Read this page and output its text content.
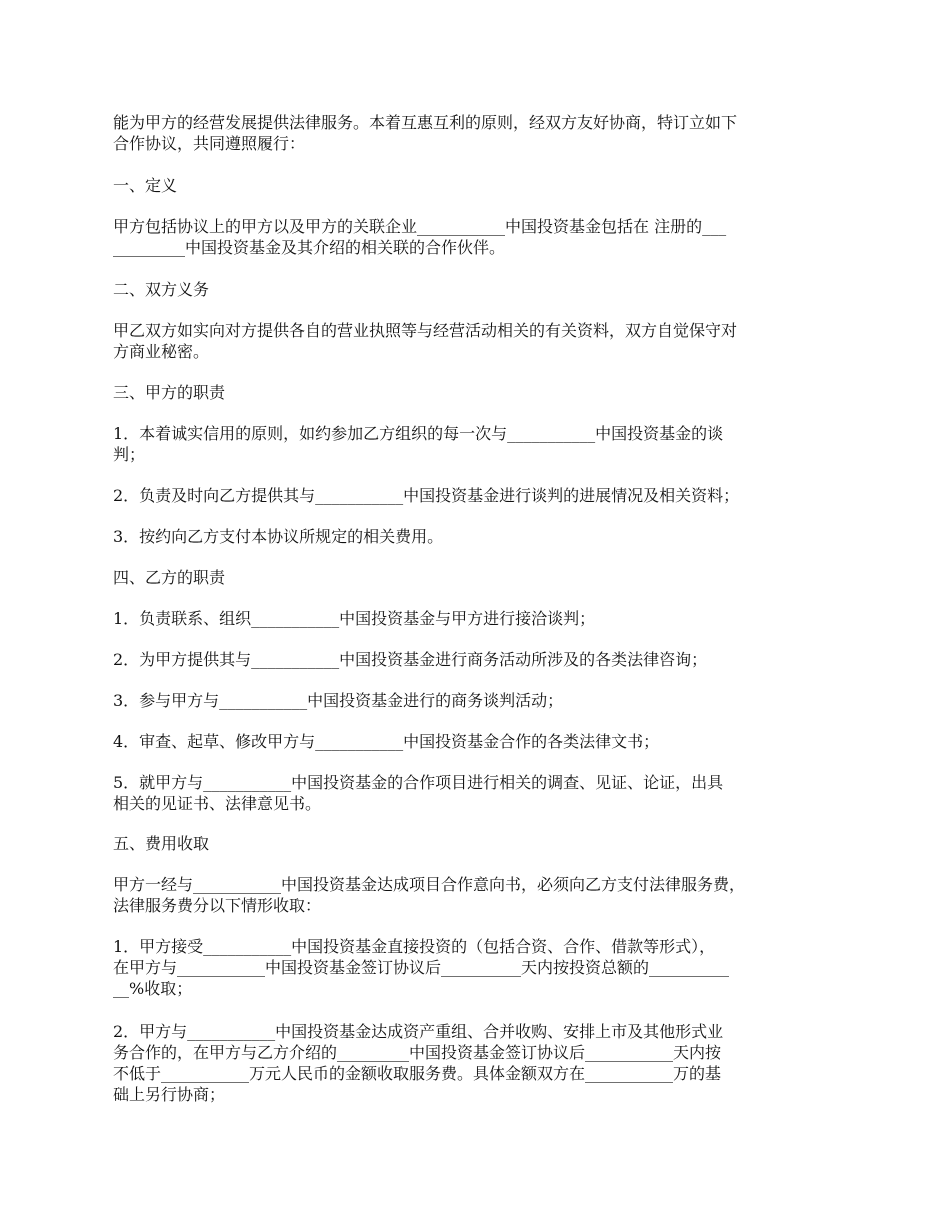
能为甲方的经营发展提供法律服务。本着互惠互利的原则，经双方友好协商，特订立如下
合作协议，共同遵照履行：

一、定义

甲方包括协议上的甲方以及甲方的关联企业___________中国投资基金包括在 注册的___
_________中国投资基金及其介绍的相关联的合作伙伴。

二、双方义务

甲乙双方如实向对方提供各自的营业执照等与经营活动相关的有关资料，双方自觉保守对
方商业秘密。

三、甲方的职责

1．本着诚实信用的原则，如约参加乙方组织的每一次与___________中国投资基金的谈
判；

2．负责及时向乙方提供其与___________中国投资基金进行谈判的进展情况及相关资料；

3．按约向乙方支付本协议所规定的相关费用。

四、乙方的职责

1．负责联系、组织___________中国投资基金与甲方进行接洽谈判；

2．为甲方提供其与___________中国投资基金进行商务活动所涉及的各类法律咨询；

3．参与甲方与___________中国投资基金进行的商务谈判活动；

4．审查、起草、修改甲方与___________中国投资基金合作的各类法律文书；

5．就甲方与___________中国投资基金的合作项目进行相关的调查、见证、论证，出具
相关的见证书、法律意见书。

五、费用收取

甲方一经与___________中国投资基金达成项目合作意向书，必须向乙方支付法律服务费，
法律服务费分以下情形收取：

1．甲方接受___________中国投资基金直接投资的（包括合资、合作、借款等形式），
在甲方与___________中国投资基金签订协议后__________天内按投资总额的__________
__%收取；

2．甲方与___________中国投资基金达成资产重组、合并收购、安排上市及其他形式业
务合作的，在甲方与乙方介绍的_________中国投资基金签订协议后___________天内按
不低于___________万元人民币的金额收取服务费。具体金额双方在___________万的基
础上另行协商；
